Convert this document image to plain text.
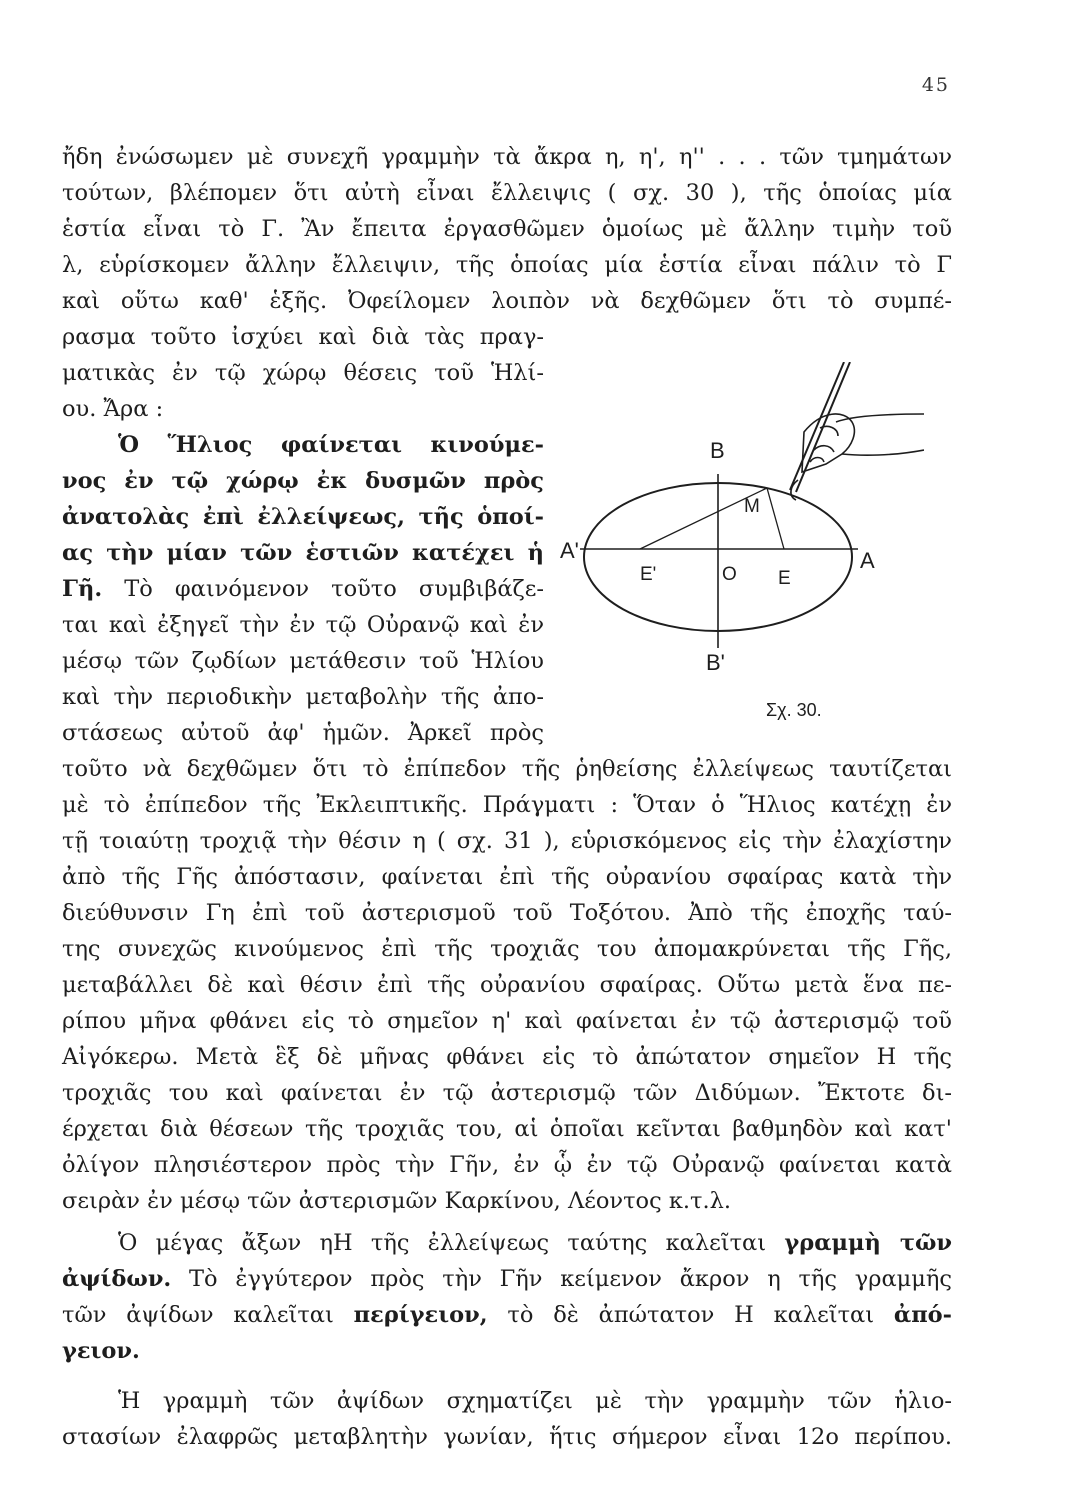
45
ἤδη ἐνώσωμεν μὲ συνεχῆ γραμμὴν τὰ ἄκρα η, η', η'' . . . τῶν τμημάτων
τούτων, βλέπομεν ὅτι αὐτὴ εἶναι ἔλλειψις ( σχ. 30 ), τῆς ὁποίας μία
ἑστία εἶναι τὸ Γ. Ἂν ἔπειτα ἐργασθῶμεν ὁμοίως μὲ ἄλλην τιμὴν τοῦ
λ, εὑρίσκομεν ἄλλην ἔλλειψιν, τῆς ὁποίας μία ἑστία εἶναι πάλιν τὸ Γ
καὶ οὕτω καθ' ἑξῆς. Ὀφείλομεν λοιπὸν νὰ δεχθῶμεν ὅτι τὸ συμπέ-
ρασμα τοῦτο ἰσχύει καὶ διὰ τὰς πραγ-
ματικὰς ἐν τῷ χώρῳ θέσεις τοῦ Ἡλί-
ου. Ἄρα :
Ὁ Ἥλιος φαίνεται κινούμε-
νος ἐν τῷ χώρῳ ἐκ δυσμῶν πρὸς
ἀνατολὰς ἐπὶ ἐλλείψεως, τῆς ὁποί-
ας τὴν μίαν τῶν ἑστιῶν κατέχει ἡ
Γῆ. Τὸ φαινόμενον τοῦτο συμβιβάζε-
ται καὶ ἐξηγεῖ τὴν ἐν τῷ Οὐρανῷ καὶ ἐν
μέσῳ τῶν ζῳδίων μετάθεσιν τοῦ Ἡλίου
καὶ τὴν περιοδικὴν μεταβολὴν τῆς ἀπο-
στάσεως αὐτοῦ ἀφ' ἡμῶν. Ἀρκεῖ πρὸς
B
M
A'	A
E'	O E
B'
Σχ. 30.
τοῦτο νὰ δεχθῶμεν ὅτι τὸ ἐπίπεδον τῆς ῥηθείσης ἐλλείψεως ταυτίζεται
μὲ τὸ ἐπίπεδον τῆς Ἐκλειπτικῆς. Πράγματι : Ὅταν ὁ Ἥλιος κατέχῃ ἐν
τῇ τοιαύτῃ τροχιᾷ τὴν θέσιν η ( σχ. 31 ), εὑρισκόμενος εἰς τὴν ἐλαχίστην
ἀπὸ τῆς Γῆς ἀπόστασιν, φαίνεται ἐπὶ τῆς οὐρανίου σφαίρας κατὰ τὴν
διεύθυνσιν Γη ἐπὶ τοῦ ἀστερισμοῦ τοῦ Τοξότου. Ἀπὸ τῆς ἐποχῆς ταύ-
της συνεχῶς κινούμενος ἐπὶ τῆς τροχιᾶς του ἀπομακρύνεται τῆς Γῆς,
μεταβάλλει δὲ καὶ θέσιν ἐπὶ τῆς οὐρανίου σφαίρας. Οὕτω μετὰ ἕνα πε-
ρίπου μῆνα φθάνει εἰς τὸ σημεῖον η' καὶ φαίνεται ἐν τῷ ἀστερισμῷ τοῦ
Αἰγόκερω. Μετὰ ἓξ δὲ μῆνας φθάνει εἰς τὸ ἀπώτατον σημεῖον Η τῆς
τροχιᾶς του καὶ φαίνεται ἐν τῷ ἀστερισμῷ τῶν Διδύμων. Ἔκτοτε δι-
έρχεται διὰ θέσεων τῆς τροχιᾶς του, αἱ ὁποῖαι κεῖνται βαθμηδὸν καὶ κατ'
ὀλίγον πλησιέστερον πρὸς τὴν Γῆν, ἐν ᾧ ἐν τῷ Οὐρανῷ φαίνεται κατὰ
σειρὰν ἐν μέσῳ τῶν ἀστερισμῶν Καρκίνου, Λέοντος κ.τ.λ.
Ὁ μέγας ἄξων ηΗ τῆς ἐλλείψεως ταύτης καλεῖται γραμμὴ τῶν
ἀψίδων. Τὸ ἐγγύτερον πρὸς τὴν Γῆν κείμενον ἄκρον η τῆς γραμμῆς
τῶν ἀψίδων καλεῖται περίγειον, τὸ δὲ ἀπώτατον Η καλεῖται ἀπό-
γειον.
Ἡ γραμμὴ τῶν ἀψίδων σχηματίζει μὲ τὴν γραμμὴν τῶν ἡλιο-
στασίων ἐλαφρῶς μεταβλητὴν γωνίαν, ἥτις σήμερον εἶναι 12ο περίπου.
